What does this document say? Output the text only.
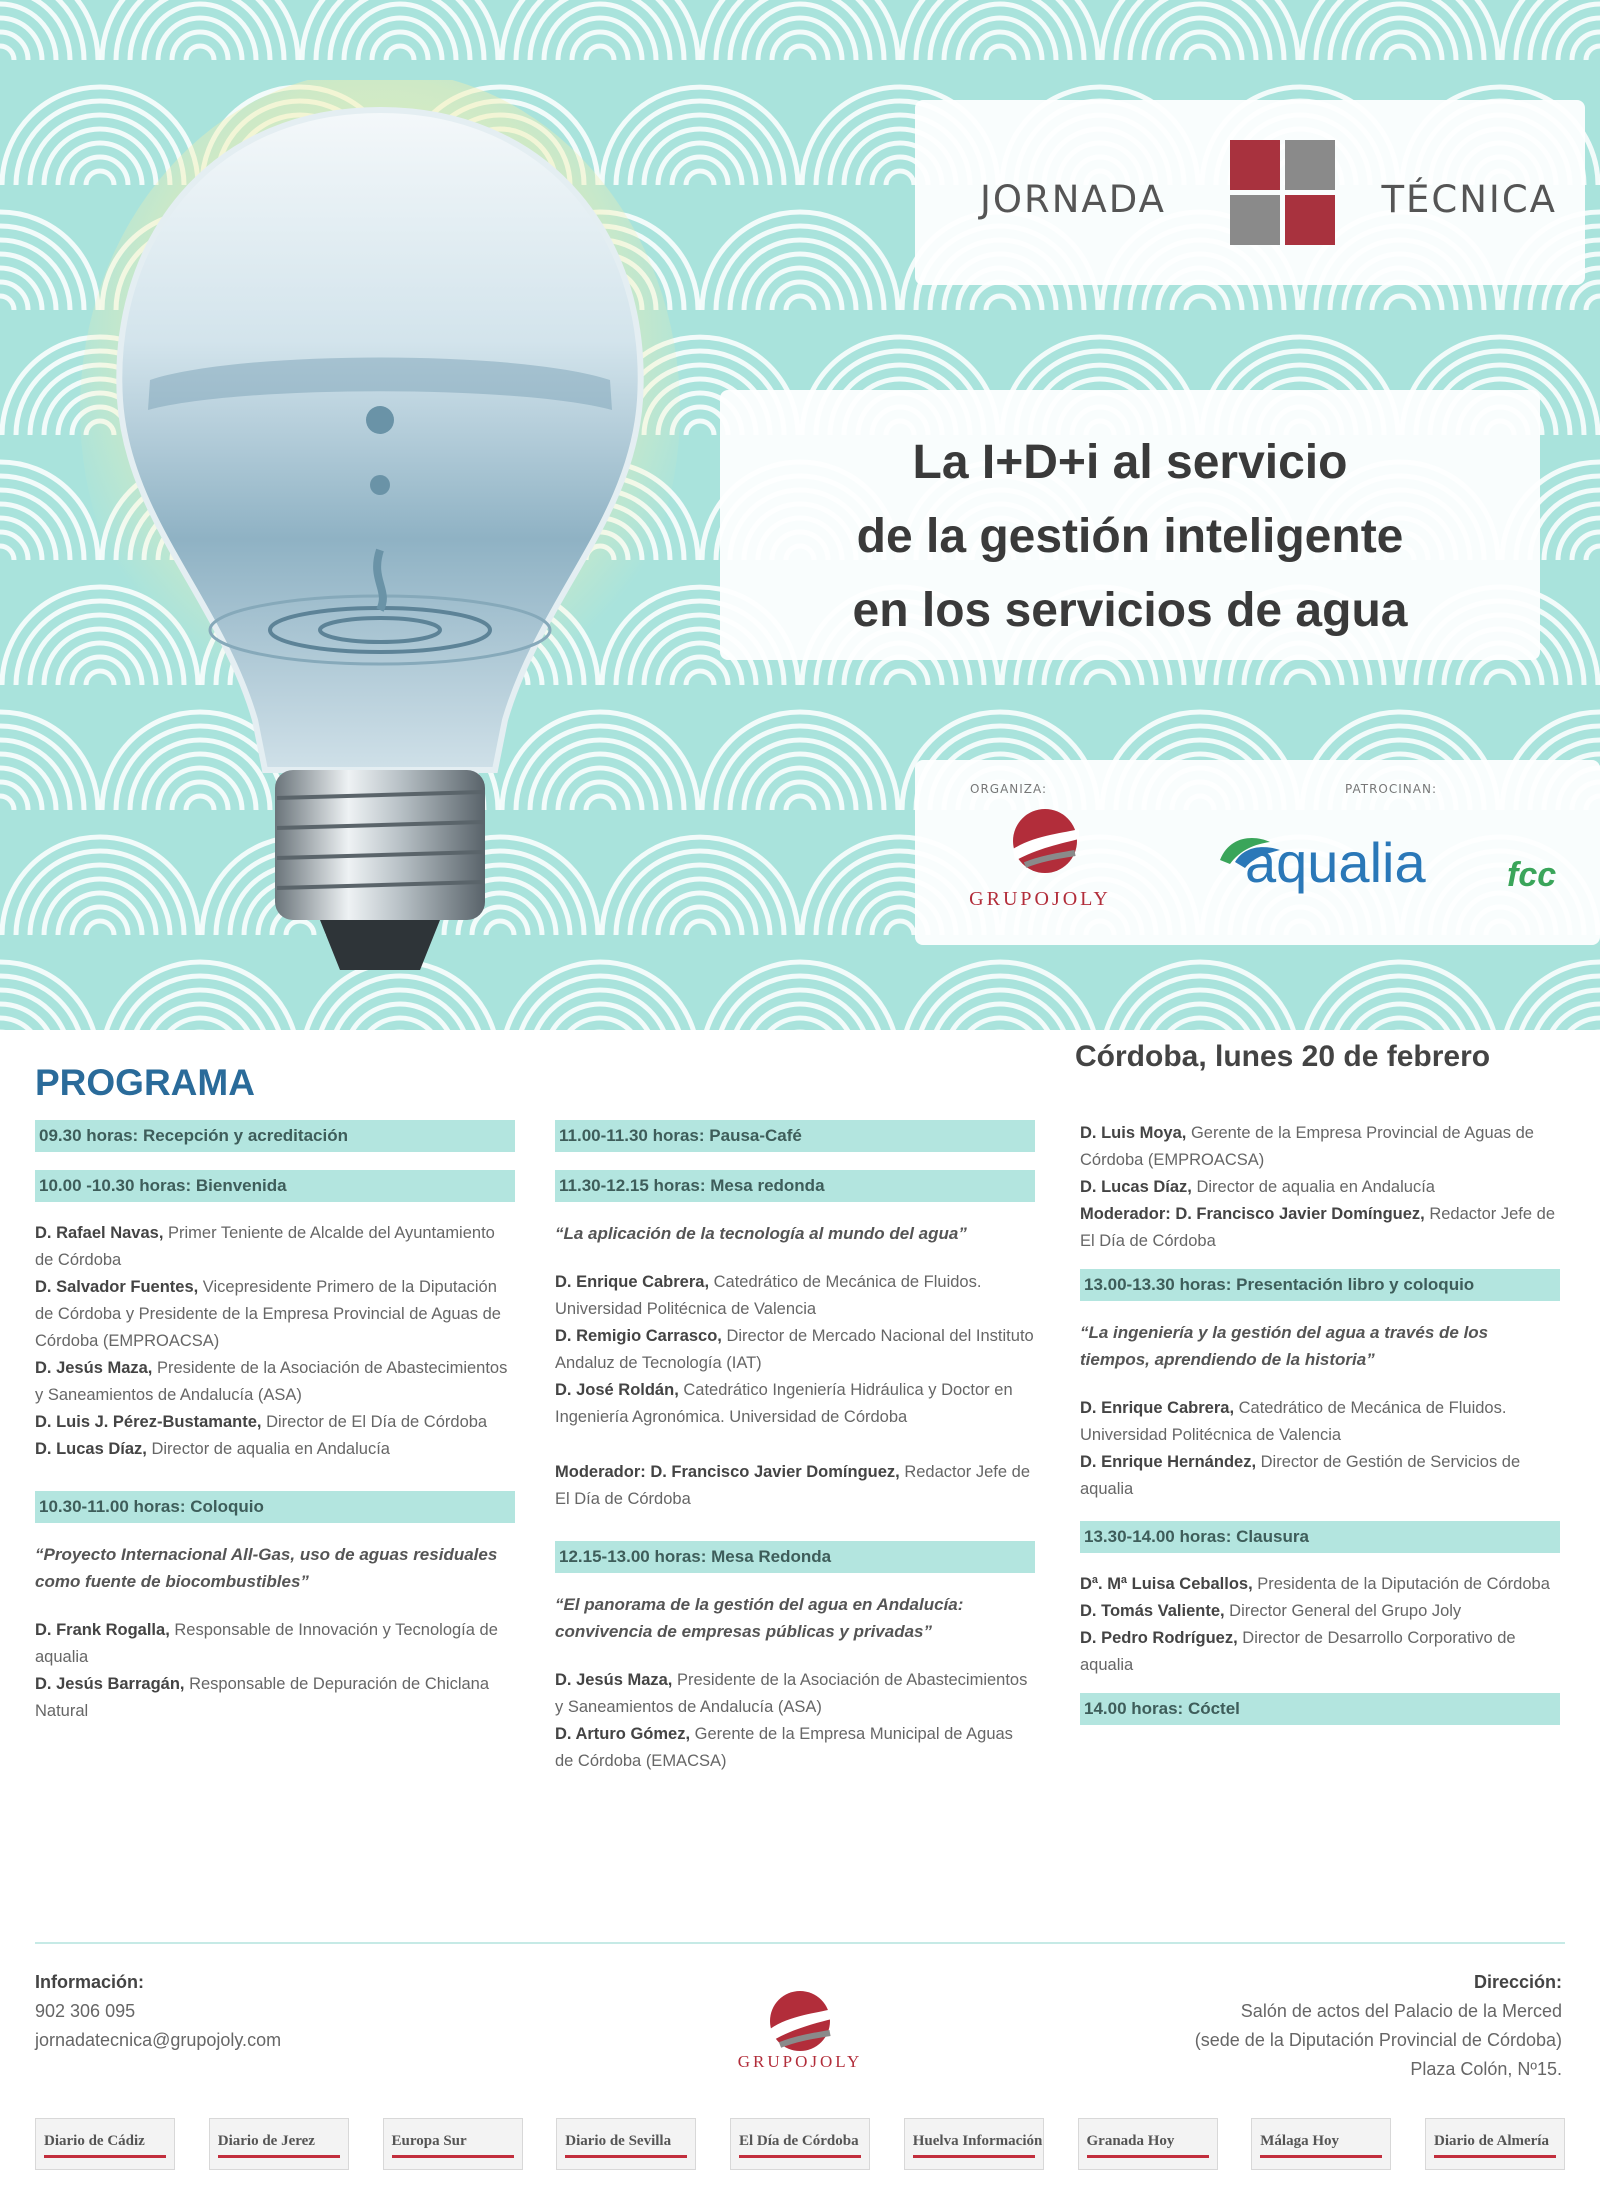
JORNADA	TÉCNICA
La I+D+i al servicio
de la gestión inteligente
en los servicios de agua
ORGANIZA:	PATROCINAN:
GRUPOJOLY
aqualia fcc
PROGRAMA
Córdoba, lunes 20 de febrero
09.30 horas: Recepción y acreditación
10.00 -10.30 horas: Bienvenida
D. Rafael Navas, Primer Teniente de Alcalde del Ayuntamiento de Córdoba
D. Salvador Fuentes, Vicepresidente Primero de la Diputación de Córdoba y Presidente de la Empresa Provincial de Aguas de Córdoba (EMPROACSA)
D. Jesús Maza, Presidente de la Asociación de Abastecimientos y Saneamientos de Andalucía (ASA)
D. Luis J. Pérez-Bustamante, Director de El Día de Córdoba
D. Lucas Díaz, Director de aqualia en Andalucía
10.30-11.00 horas: Coloquio
“Proyecto Internacional All-Gas, uso de aguas residuales como fuente de biocombustibles”
D. Frank Rogalla, Responsable de Innovación y Tecnología de aqualia
D. Jesús Barragán, Responsable de Depuración de Chiclana Natural
11.00-11.30 horas: Pausa-Café
11.30-12.15 horas: Mesa redonda
“La aplicación de la tecnología al mundo del agua”
D. Enrique Cabrera, Catedrático de Mecánica de Fluidos. Universidad Politécnica de Valencia
D. Remigio Carrasco, Director de Mercado Nacional del Instituto Andaluz de Tecnología (IAT)
D. José Roldán, Catedrático Ingeniería Hidráulica y Doctor en Ingeniería Agronómica. Universidad de Córdoba
Moderador: D. Francisco Javier Domínguez, Redactor Jefe de El Día de Córdoba
12.15-13.00 horas: Mesa Redonda
“El panorama de la gestión del agua en Andalucía: convivencia de empresas públicas y privadas”
D. Jesús Maza, Presidente de la Asociación de Abastecimientos y Saneamientos de Andalucía (ASA)
D. Arturo Gómez, Gerente de la Empresa Municipal de Aguas de Córdoba (EMACSA)
D. Luis Moya, Gerente de la Empresa Provincial de Aguas de Córdoba (EMPROACSA)
D. Lucas Díaz, Director de aqualia en Andalucía
Moderador: D. Francisco Javier Domínguez, Redactor Jefe de El Día de Córdoba
13.00-13.30 horas: Presentación libro y coloquio
“La ingeniería y la gestión del agua a través de los tiempos, aprendiendo de la historia”
D. Enrique Cabrera, Catedrático de Mecánica de Fluidos. Universidad Politécnica de Valencia
D. Enrique Hernández, Director de Gestión de Servicios de aqualia
13.30-14.00 horas: Clausura
Dª. Mª Luisa Ceballos, Presidenta de la Diputación de Córdoba
D. Tomás Valiente, Director General del Grupo Joly
D. Pedro Rodríguez, Director de Desarrollo Corporativo de aqualia
14.00 horas: Cóctel
Información:
902 306 095
jornadatecnica@grupojoly.com
GRUPOJOLY
Dirección:
Salón de actos del Palacio de la Merced
(sede de la Diputación Provincial de Córdoba)
Plaza Colón, Nº15.
Diario de Cádiz	Diario de Jerez	Europa Sur	Diario de Sevilla	El Día de Córdoba	Huelva Información	Granada Hoy	Málaga Hoy	Diario de Almería
